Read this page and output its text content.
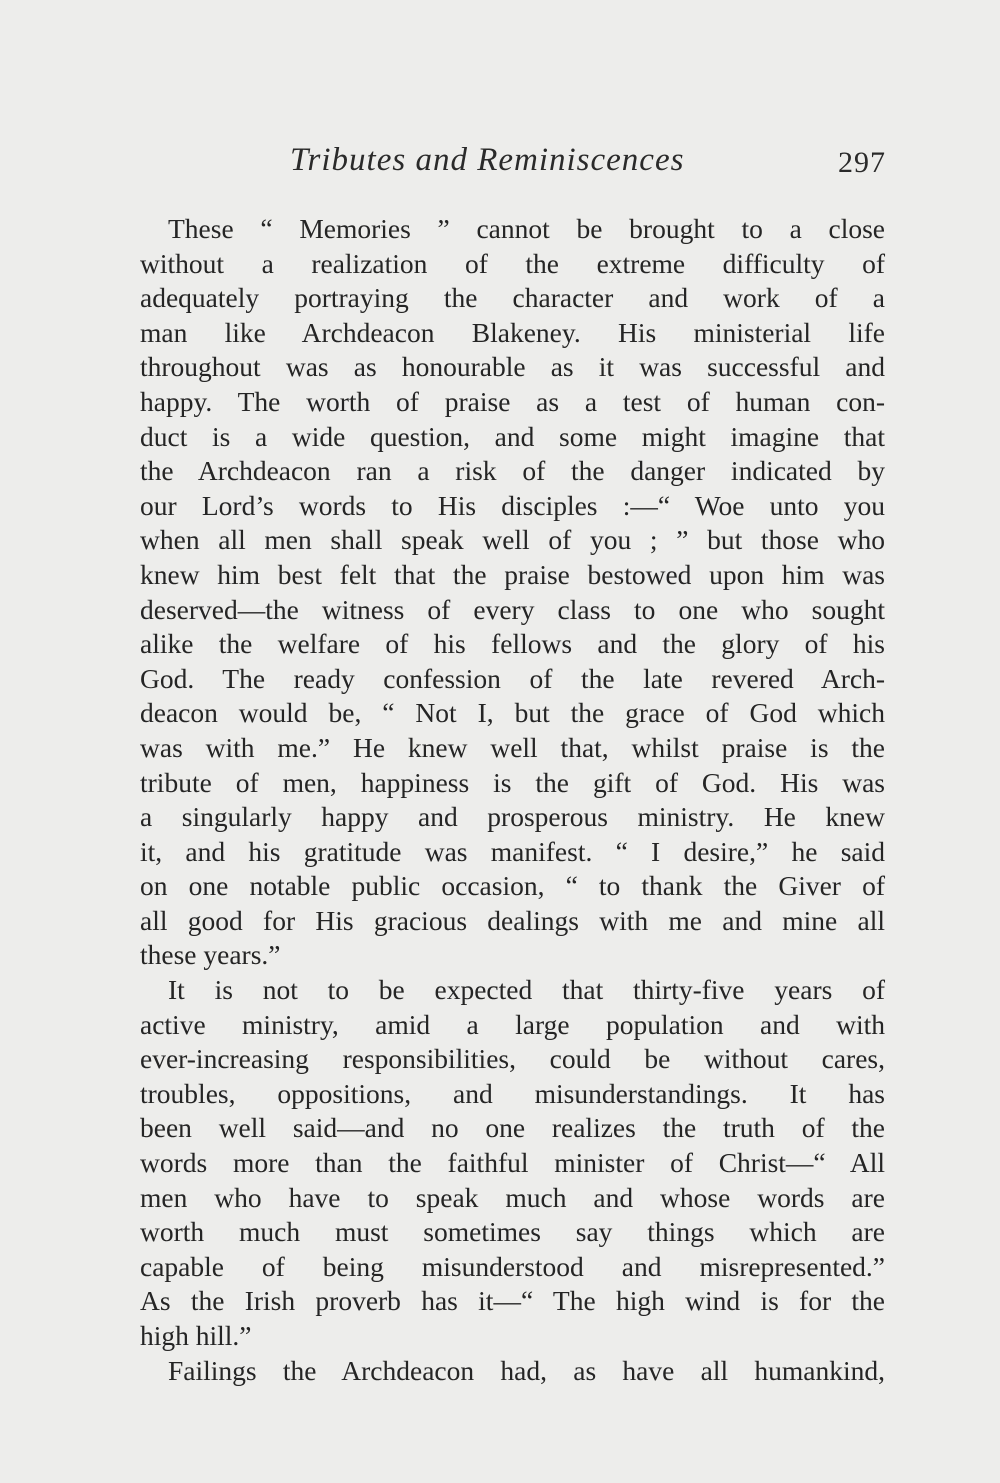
Tributes and Reminiscences	297
These “ Memories ” cannot be brought to a close
without a realization of the extreme difficulty of
adequately portraying the character and work of a
man like Archdeacon Blakeney. His ministerial life
throughout was as honourable as it was successful and
happy. The worth of praise as a test of human con-
duct is a wide question, and some might imagine that
the Archdeacon ran a risk of the danger indicated by
our Lord’s words to His disciples :—“ Woe unto you
when all men shall speak well of you ; ” but those who
knew him best felt that the praise bestowed upon him was
deserved—the witness of every class to one who sought
alike the welfare of his fellows and the glory of his
God. The ready confession of the late revered Arch-
deacon would be, “ Not I, but the grace of God which
was with me.” He knew well that, whilst praise is the
tribute of men, happiness is the gift of God. His was
a singularly happy and prosperous ministry. He knew
it, and his gratitude was manifest. “ I desire,” he said
on one notable public occasion, “ to thank the Giver of
all good for His gracious dealings with me and mine all
these years.”
It is not to be expected that thirty-five years of
active ministry, amid a large population and with
ever-increasing responsibilities, could be without cares,
troubles, oppositions, and misunderstandings. It has
been well said—and no one realizes the truth of the
words more than the faithful minister of Christ—“ All
men who have to speak much and whose words are
worth much must sometimes say things which are
capable of being misunderstood and misrepresented.”
As the Irish proverb has it—“ The high wind is for the
high hill.”
Failings the Archdeacon had, as have all humankind,
